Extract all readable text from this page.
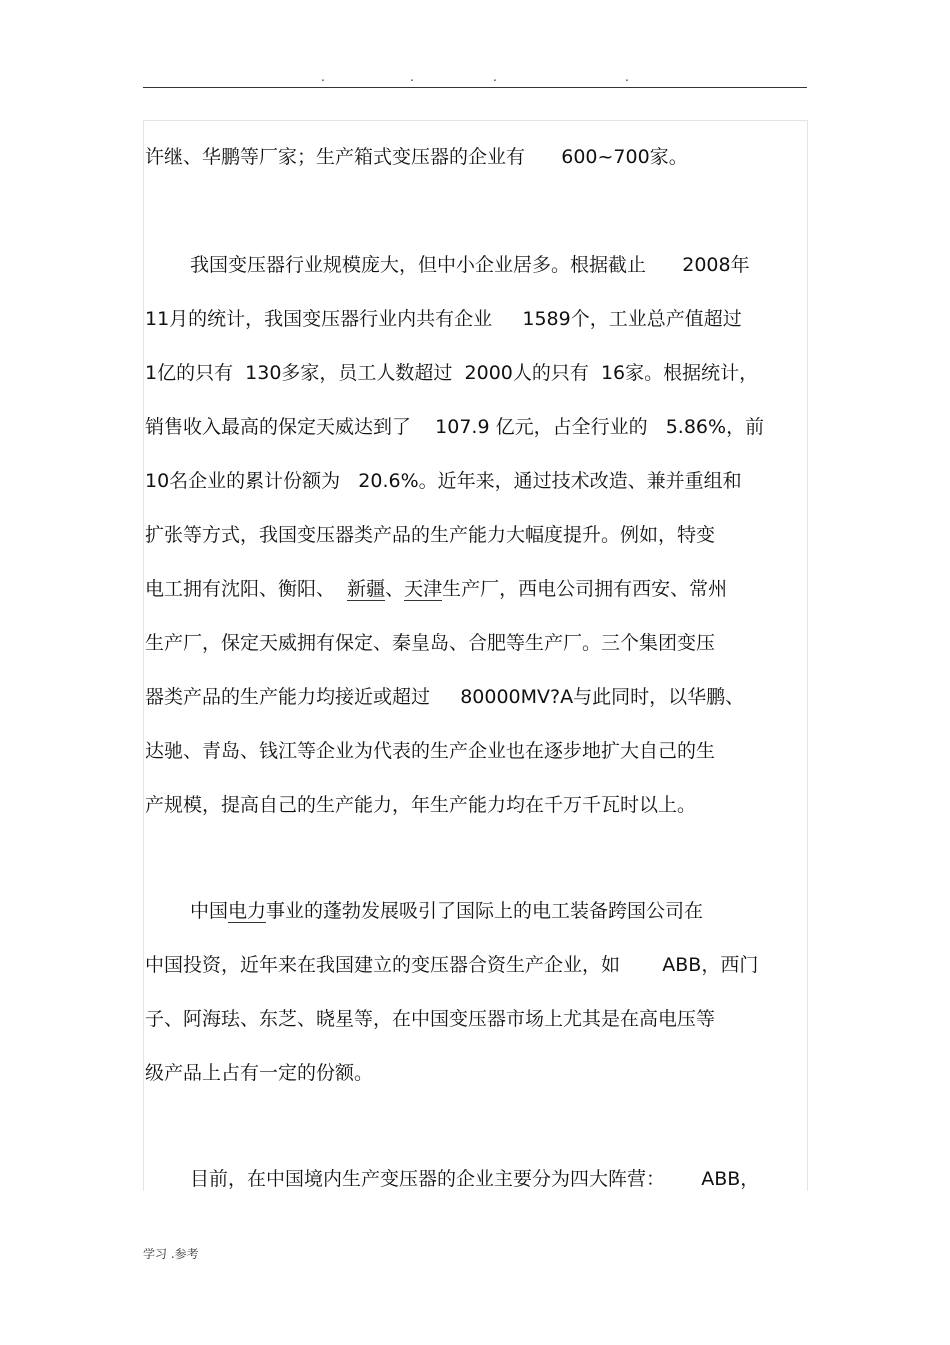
.	.	.	.
许继、华鹏等厂家；生产箱式变压器的企业有      600~700家。
我国变压器行业规模庞大，但中小企业居多。根据截止      2008年
11月的统计，我国变压器行业内共有企业     1589个，工业总产值超过
1亿的只有  130多家，员工人数超过  2000人的只有  16家。根据统计，
销售收入最高的保定天威达到了    107.9 亿元，占全行业的   5.86%，前
10名企业的累计份额为   20.6%。近年来，通过技术改造、兼并重组和
扩张等方式，我国变压器类产品的生产能力大幅度提升。例如，特变
电工拥有沈阳、衡阳、  新疆、天津生产厂，西电公司拥有西安、常州
生产厂，保定天威拥有保定、秦皇岛、合肥等生产厂。三个集团变压
器类产品的生产能力均接近或超过     80000MV?A与此同时，以华鹏、
达驰、青岛、钱江等企业为代表的生产企业也在逐步地扩大自己的生
产规模，提高自己的生产能力，年生产能力均在千万千瓦时以上。
中国电力事业的蓬勃发展吸引了国际上的电工装备跨国公司在
中国投资，近年来在我国建立的变压器合资生产企业，如       ABB，西门
子、阿海珐、东芝、晓星等，在中国变压器市场上尤其是在高电压等
级产品上占有一定的份额。
目前，在中国境内生产变压器的企业主要分为四大阵营：      ABB，
学习 .参考
